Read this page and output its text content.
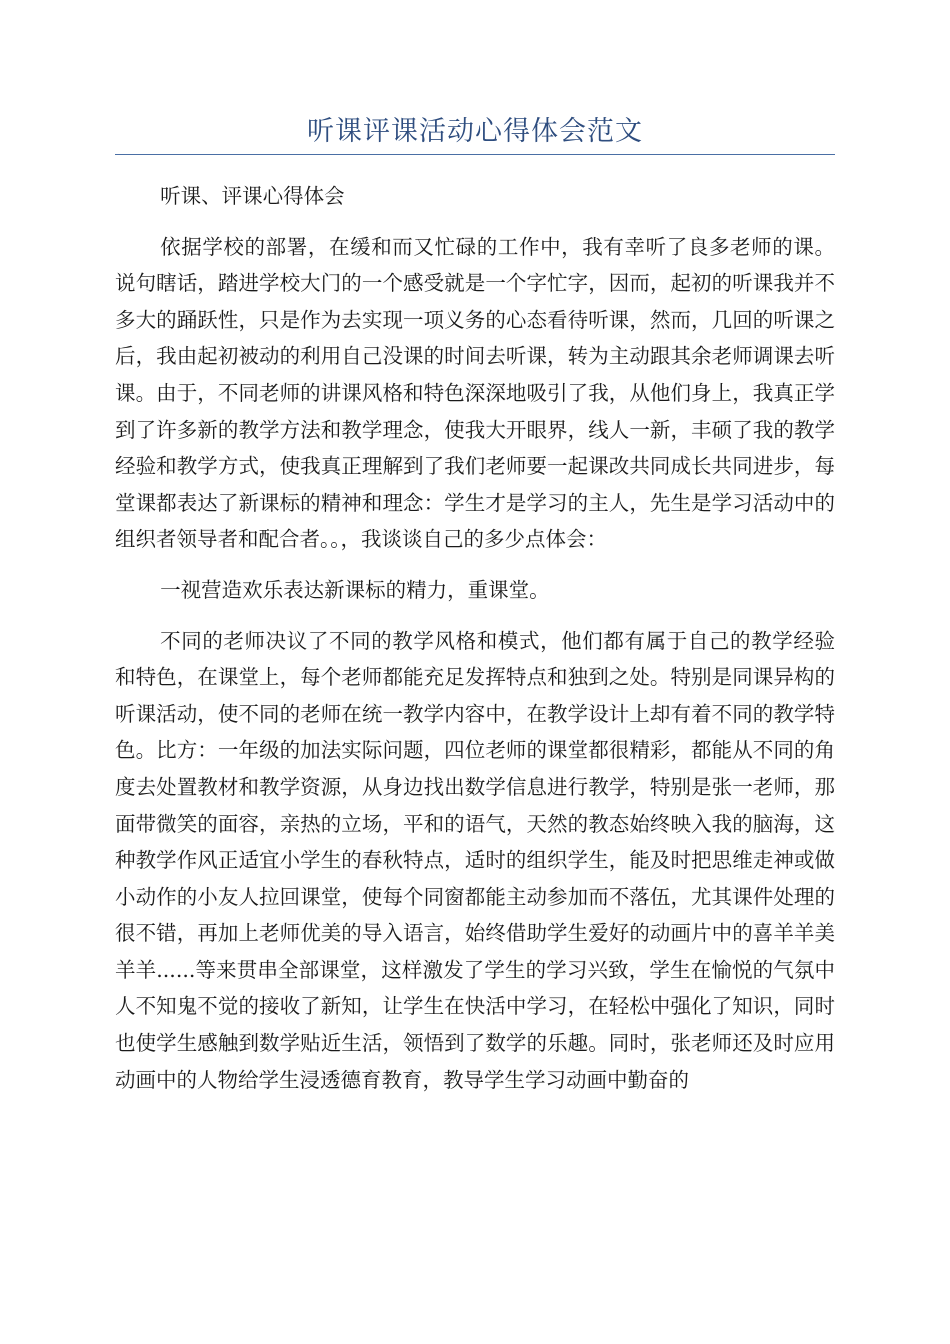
听课评课活动心得体会范文

听课、评课心得体会

依据学校的部署，在缓和而又忙碌的工作中，我有幸听了良多老师的课。说句瞎话，踏进学校大门的一个感受就是一个字忙字，因而，起初的听课我并不多大的踊跃性，只是作为去实现一项义务的心态看待听课，然而，几回的听课之后，我由起初被动的利用自己没课的时间去听课，转为主动跟其余老师调课去听课。由于，不同老师的讲课风格和特色深深地吸引了我，从他们身上，我真正学到了许多新的教学方法和教学理念，使我大开眼界，线人一新，丰硕了我的教学经验和教学方式，使我真正理解到了我们老师要一起课改共同成长共同进步，每堂课都表达了新课标的精神和理念：学生才是学习的主人，先生是学习活动中的组织者领导者和配合者。。，我谈谈自己的多少点体会：

一视营造欢乐表达新课标的精力，重课堂。

不同的老师决议了不同的教学风格和模式，他们都有属于自己的教学经验和特色，在课堂上，每个老师都能充足发挥特点和独到之处。特别是同课异构的听课活动，使不同的老师在统一教学内容中，在教学设计上却有着不同的教学特色。比方：一年级的加法实际问题，四位老师的课堂都很精彩，都能从不同的角度去处置教材和教学资源，从身边找出数学信息进行教学，特别是张一老师，那面带微笑的面容，亲热的立场，平和的语气，天然的教态始终映入我的脑海，这种教学作风正适宜小学生的春秋特点，适时的组织学生，能及时把思维走神或做小动作的小友人拉回课堂，使每个同窗都能主动参加而不落伍，尤其课件处理的很不错，再加上老师优美的导入语言，始终借助学生爱好的动画片中的喜羊羊美羊羊......等来贯串全部课堂，这样激发了学生的学习兴致，学生在愉悦的气氛中人不知鬼不觉的接收了新知，让学生在快活中学习，在轻松中强化了知识，同时也使学生感触到数学贴近生活，领悟到了数学的乐趣。同时，张老师还及时应用动画中的人物给学生浸透德育教育，教导学生学习动画中勤奋的
